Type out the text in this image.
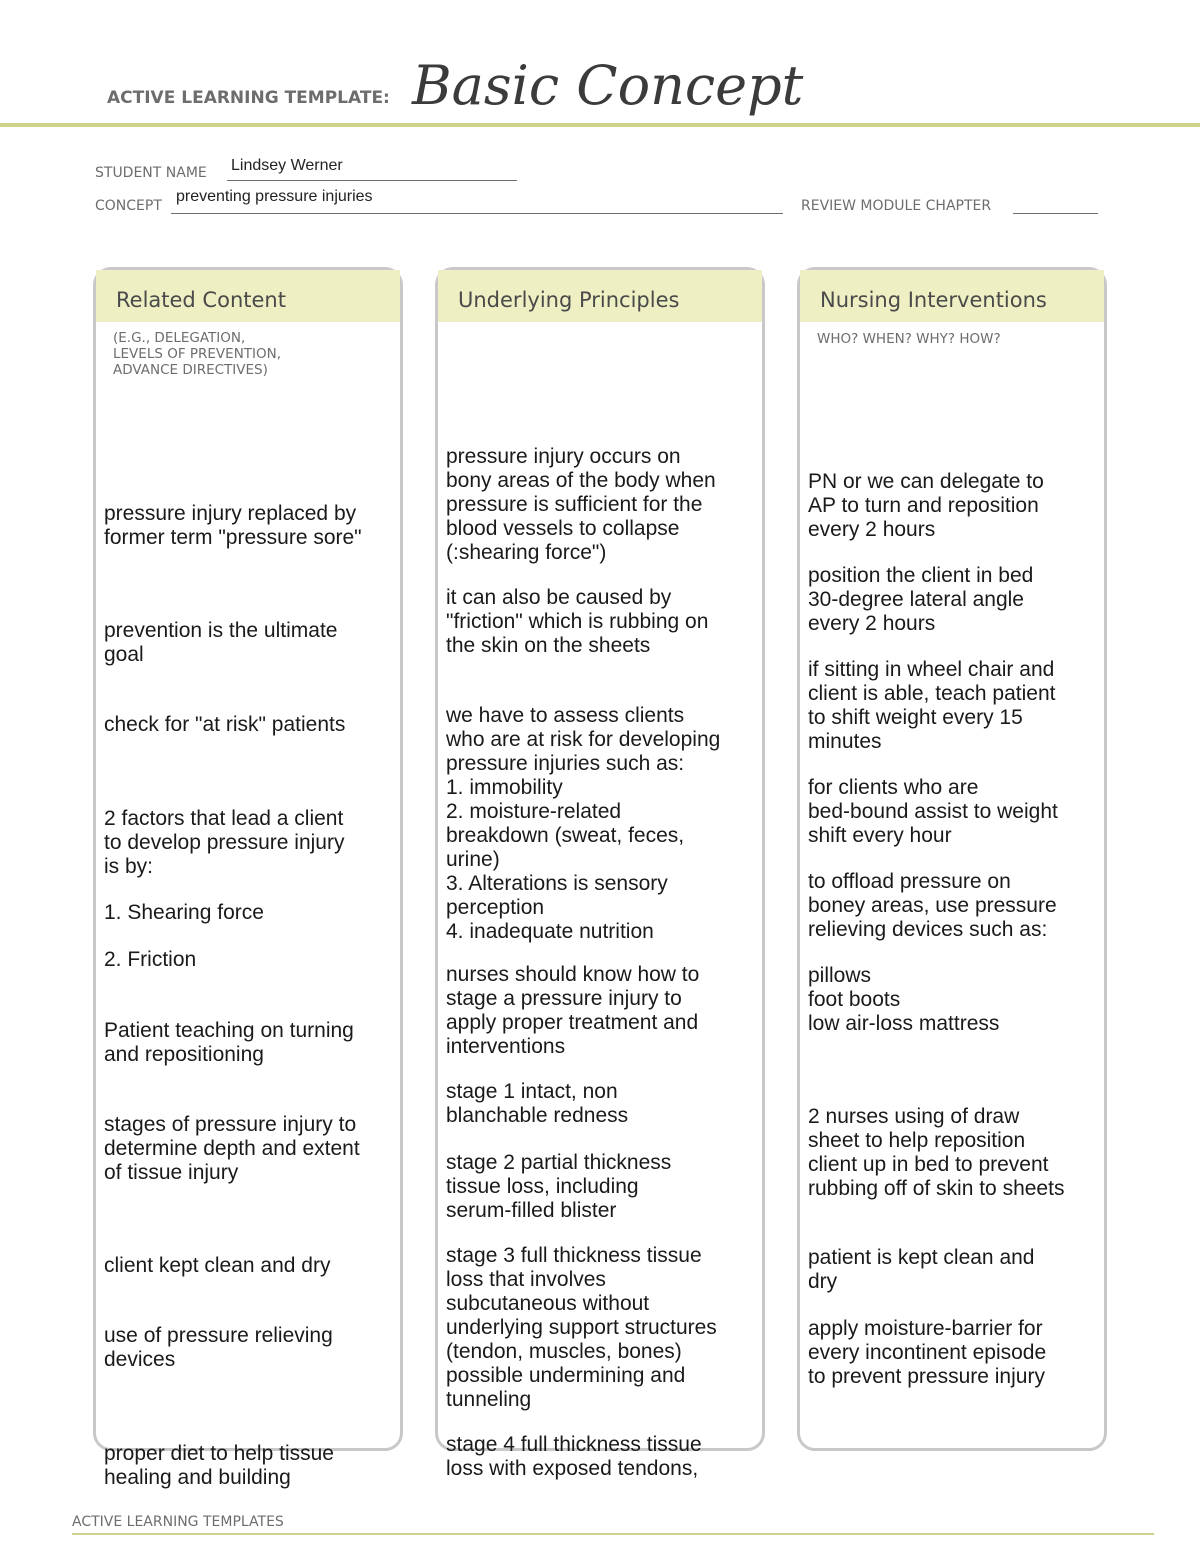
ACTIVE LEARNING TEMPLATE: Basic Concept
STUDENT NAME Lindsey Werner
CONCEPT
preventing pressure injuries
REVIEW MODULE CHAPTER
Related Content
(E.G., DELEGATION,
LEVELS OF PREVENTION,
ADVANCE DIRECTIVES)

pressure injury replaced by
former term "pressure sore"

prevention is the ultimate
goal

check for "at risk" patients

2 factors that lead a client
to develop pressure injury
is by:

1. Shearing force

2. Friction

Patient teaching on turning
and repositioning

stages of pressure injury to
determine depth and extent
of tissue injury

client kept clean and dry

use of pressure relieving
devices

proper diet to help tissue
healing and building

Underlying Principles

pressure injury occurs on
bony areas of the body when
pressure is sufficient for the
blood vessels to collapse
(:shearing force")

it can also be caused by
"friction" which is rubbing on
the skin on the sheets

we have to assess clients
who are at risk for developing
pressure injuries such as:
1. immobility
2. moisture-related
breakdown (sweat, feces,
urine)
3. Alterations is sensory
perception
4. inadequate nutrition

nurses should know how to
stage a pressure injury to
apply proper treatment and
interventions

stage 1 intact, non
blanchable redness

stage 2 partial thickness
tissue loss, including
serum-filled blister

stage 3 full thickness tissue
loss that involves
subcutaneous without
underlying support structures
(tendon, muscles, bones)
possible undermining and
tunneling

stage 4 full thickness tissue
loss with exposed tendons,

Nursing Interventions
WHO? WHEN? WHY? HOW?

PN or we can delegate to
AP to turn and reposition
every 2 hours

position the client in bed
30-degree lateral angle
every 2 hours

if sitting in wheel chair and
client is able, teach patient
to shift weight every 15
minutes

for clients who are
bed-bound assist to weight
shift every hour

to offload pressure on
boney areas, use pressure
relieving devices such as:

pillows
foot boots
low air-loss mattress

2 nurses using of draw
sheet to help reposition
client up in bed to prevent
rubbing off of skin to sheets

patient is kept clean and
dry

apply moisture-barrier for
every incontinent episode
to prevent pressure injury

ACTIVE LEARNING TEMPLATES
